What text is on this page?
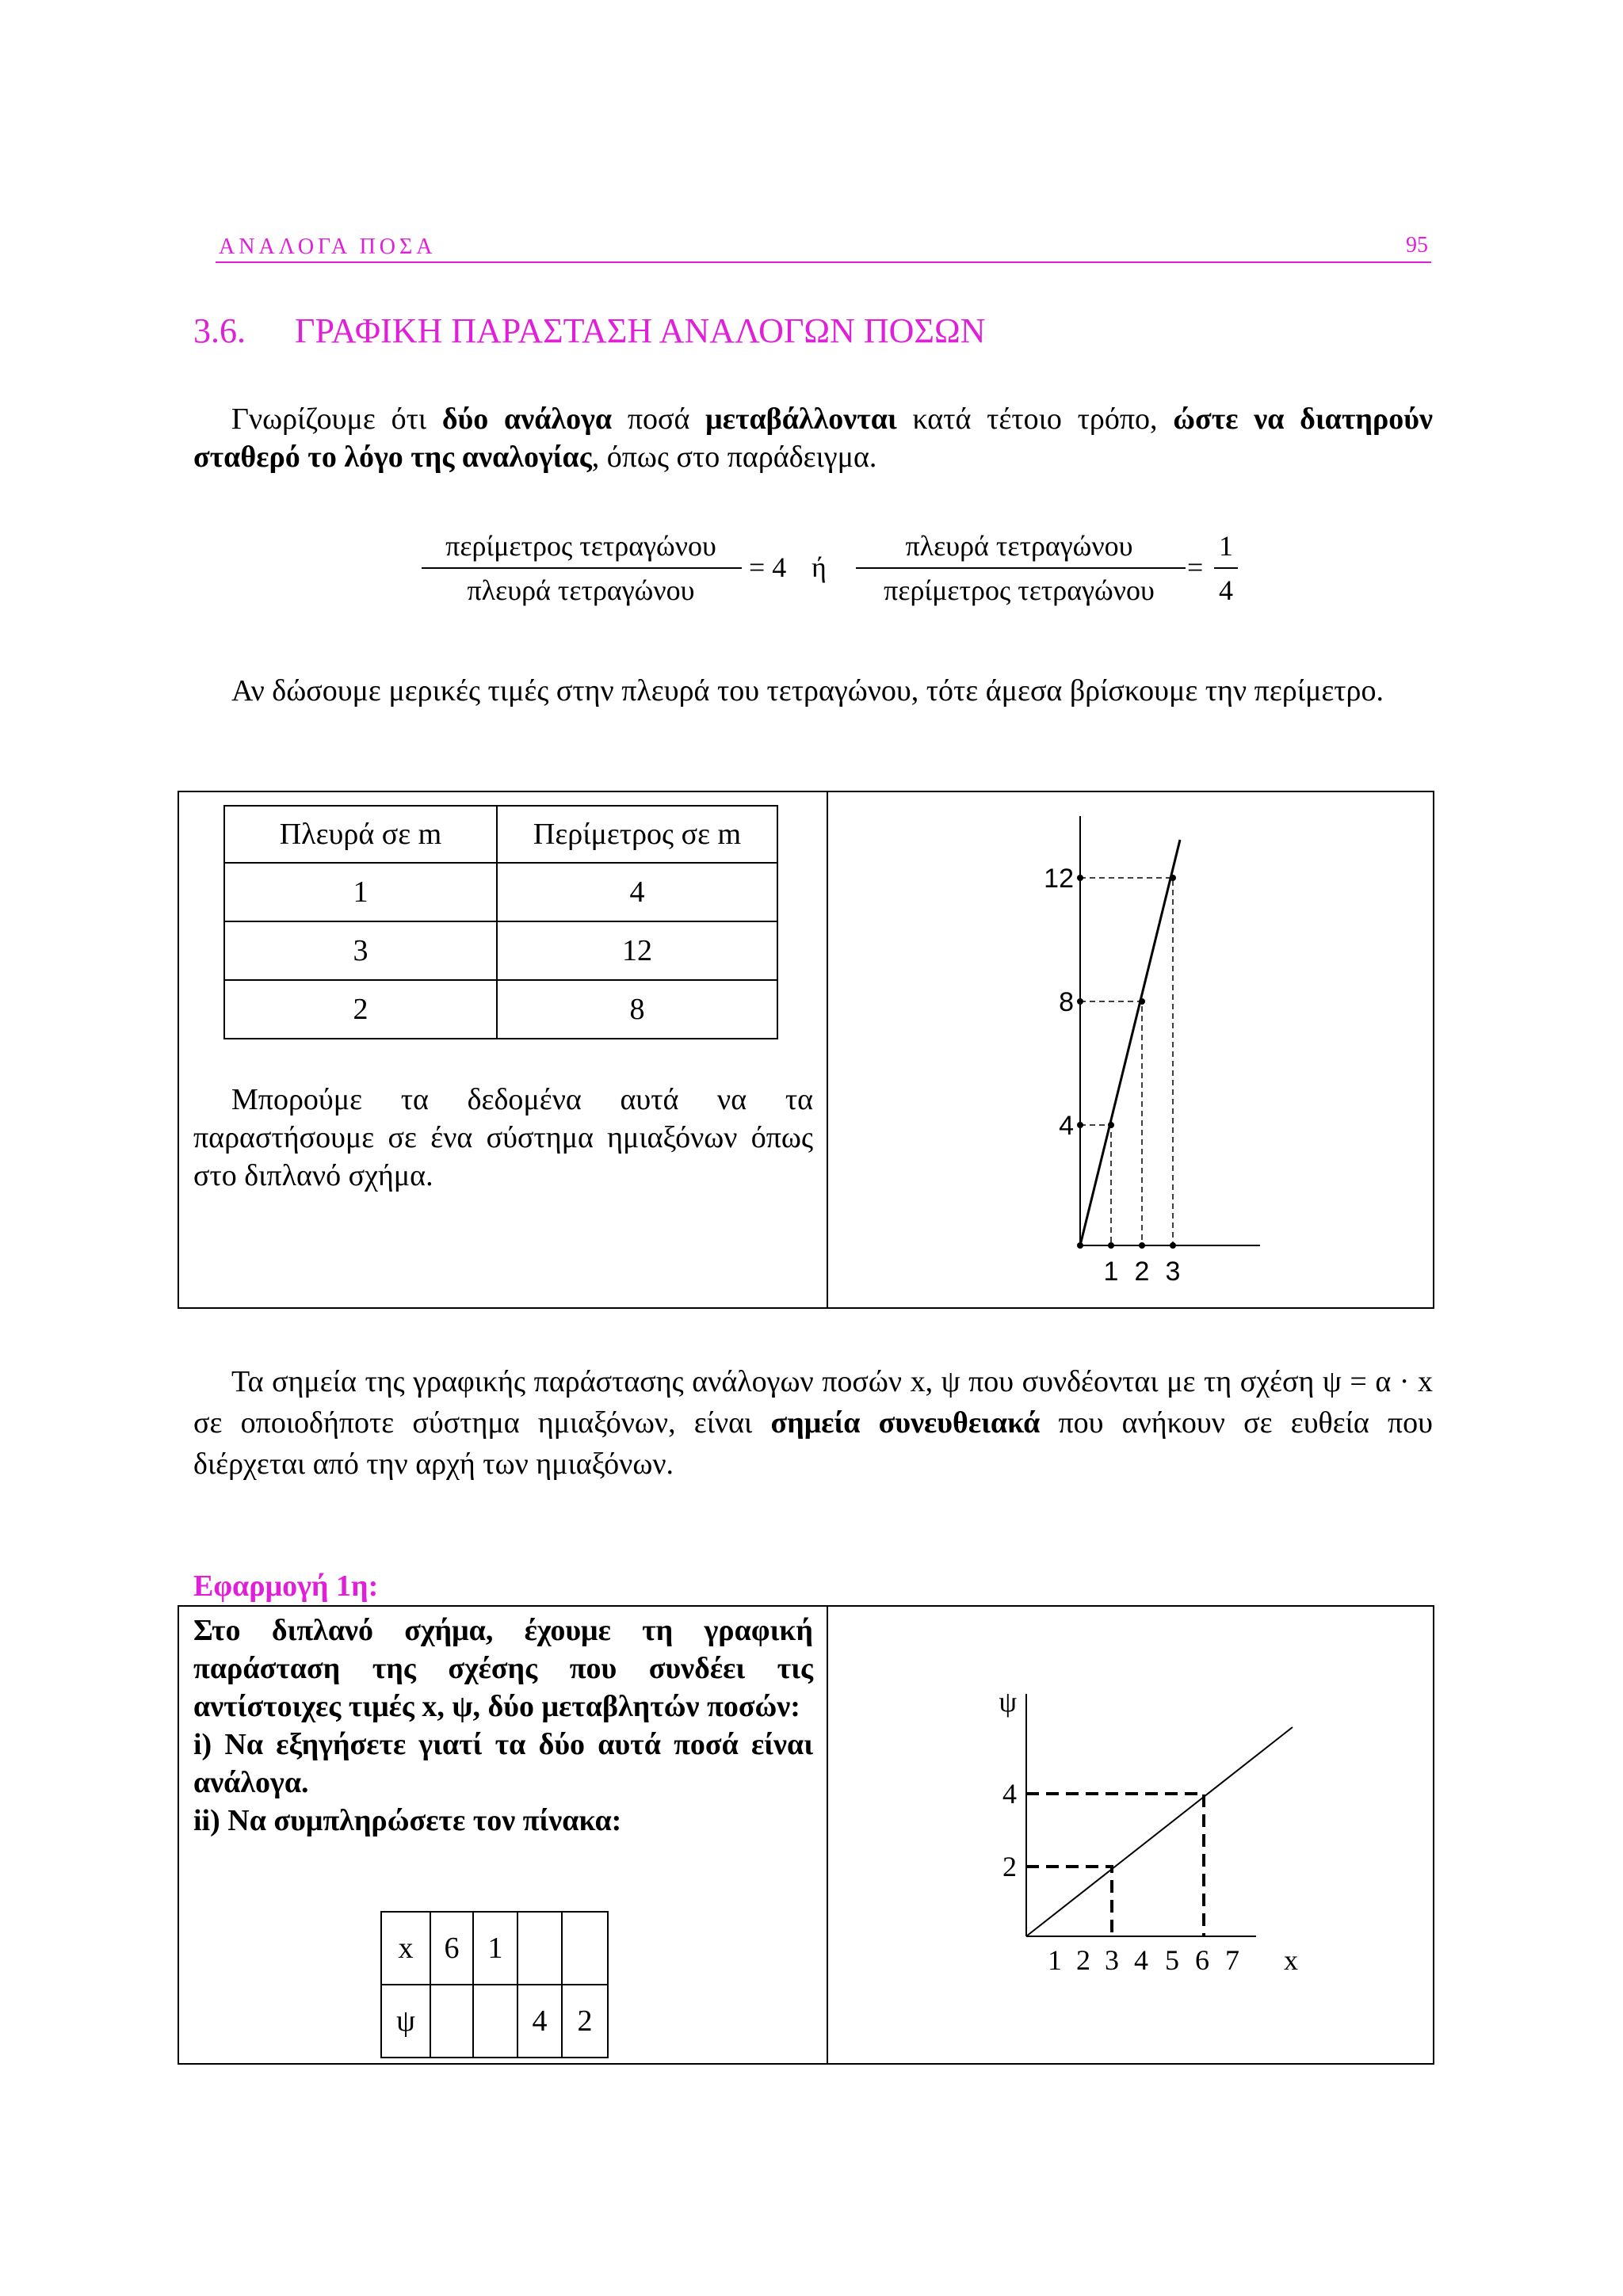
ΑΝΑΛΟΓΑ ΠΟΣΑ	95
3.6. ΓΡΑΦΙΚΗ ΠΑΡΑΣΤΑΣΗ ΑΝΑΛΟΓΩΝ ΠΟΣΩΝ
Γνωρίζουμε ότι δύο ανάλογα ποσά μεταβάλλονται κατά τέτοιο τρόπο, ώστε να διατηρούν σταθερό το λόγο της αναλογίας, όπως στο παράδειγμα.
περίμετρος τετραγώνου
πλευρά τετραγώνου
= 4 ή
πλευρά τετραγώνου
περίμετρος τετραγώνου
=
1
4
Αν δώσουμε μερικές τιμές στην πλευρά του τετραγώνου, τότε άμεσα βρίσκουμε την περίμετρο.
Πλευρά σε m	Περίμετρος σε m
1	4
3	12
2	8
Μπορούμε τα δεδομένα αυτά να τα παραστήσουμε σε ένα σύστημα ημιαξόνων όπως στο διπλανό σχήμα.
12
8
4
1 2 3
Τα σημεία της γραφικής παράστασης ανάλογων ποσών x, ψ που συνδέονται με τη σχέση ψ = α · x σε οποιοδήποτε σύστημα ημιαξόνων, είναι σημεία συνευθειακά που ανήκουν σε ευθεία που διέρχεται από την αρχή των ημιαξόνων.
Εφαρμογή 1η:
Στο διπλανό σχήμα, έχουμε τη γραφική παράσταση της σχέσης που συνδέει τις αντίστοιχες τιμές x, ψ, δύο μεταβλητών ποσών:
i) Να εξηγήσετε γιατί τα δύο αυτά ποσά είναι ανάλογα.
ii) Να συμπληρώσετε τον πίνακα:
x	6	1		
ψ			4	2
ψ
4
2
1 2 3 4 5 6 7 x
